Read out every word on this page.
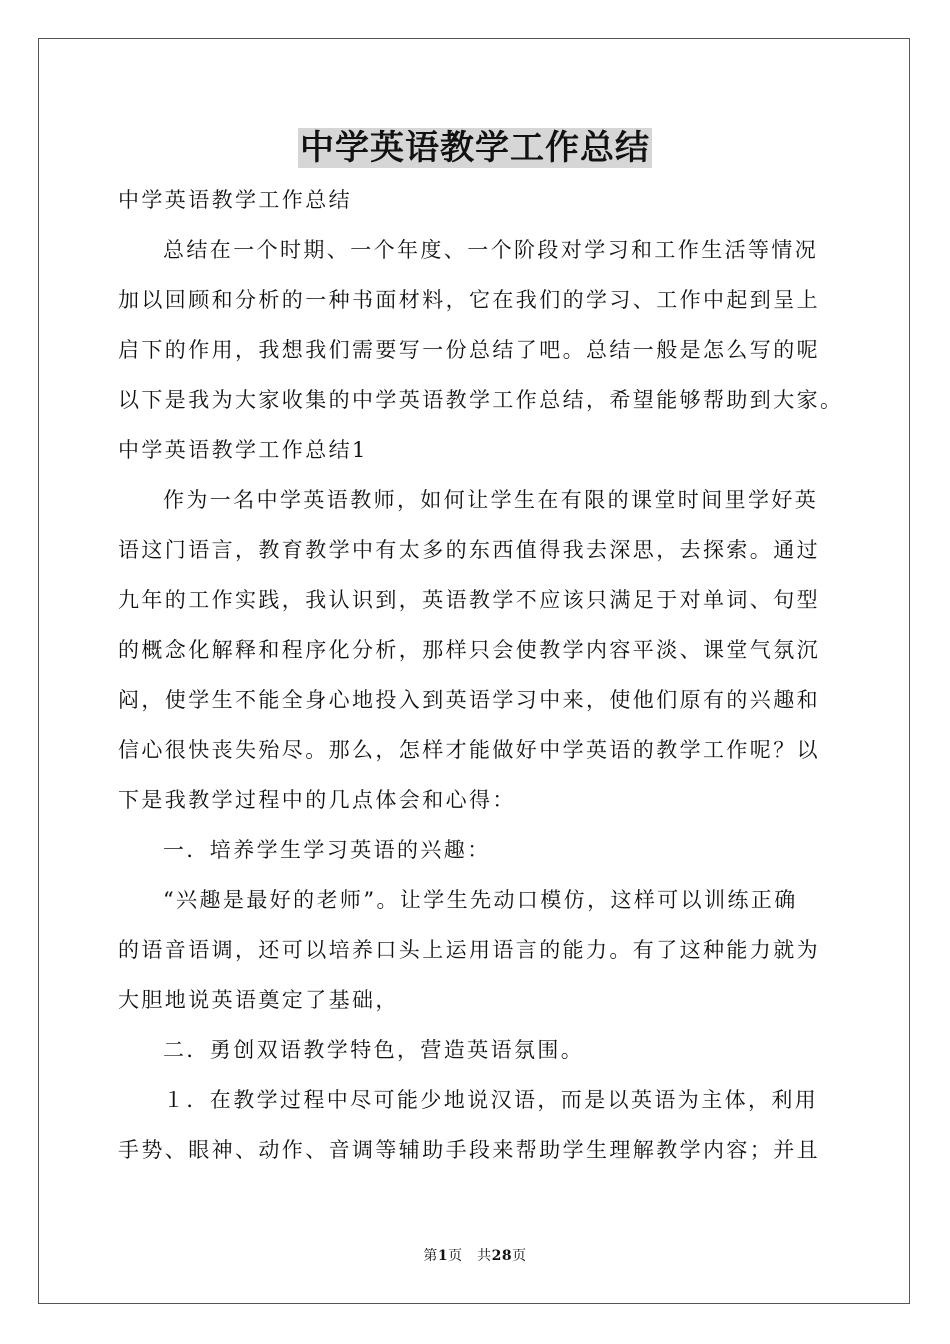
中学英语教学工作总结

中学英语教学工作总结

总结在一个时期、一个年度、一个阶段对学习和工作生活等情况

加以回顾和分析的一种书面材料，它在我们的学习、工作中起到呈上

启下的作用，我想我们需要写一份总结了吧。总结一般是怎么写的呢

以下是我为大家收集的中学英语教学工作总结，希望能够帮助到大家。

中学英语教学工作总结1

作为一名中学英语教师，如何让学生在有限的课堂时间里学好英

语这门语言，教育教学中有太多的东西值得我去深思，去探索。通过

九年的工作实践，我认识到，英语教学不应该只满足于对单词、句型

的概念化解释和程序化分析，那样只会使教学内容平淡、课堂气氛沉

闷，使学生不能全身心地投入到英语学习中来，使他们原有的兴趣和

信心很快丧失殆尽。那么，怎样才能做好中学英语的教学工作呢？以

下是我教学过程中的几点体会和心得：

一．培养学生学习英语的兴趣：

“兴趣是最好的老师”。让学生先动口模仿，这样可以训练正确

的语音语调，还可以培养口头上运用语言的能力。有了这种能力就为

大胆地说英语奠定了基础，

二．勇创双语教学特色，营造英语氛围。

１．在教学过程中尽可能少地说汉语，而是以英语为主体，利用

手势、眼神、动作、音调等辅助手段来帮助学生理解教学内容；并且

第1页　共28页
